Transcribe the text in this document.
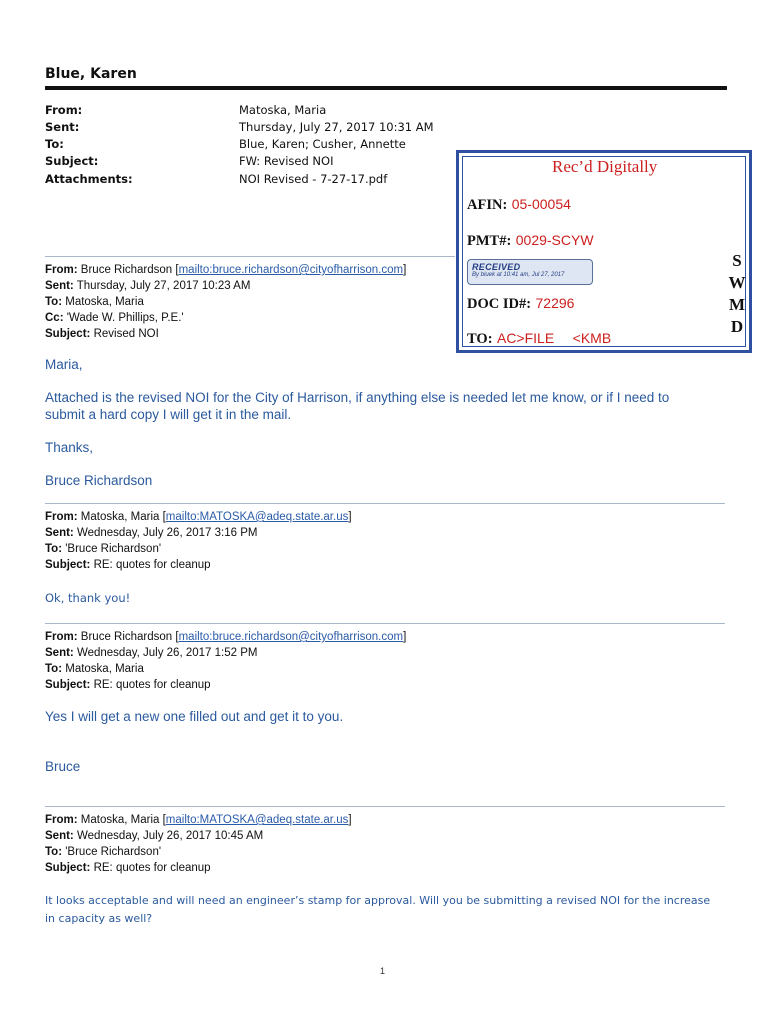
Blue, Karen
From:	Matoska, Maria
Sent:	Thursday, July 27, 2017 10:31 AM
To:	Blue, Karen; Cusher, Annette
Subject:	FW: Revised NOI
Attachments:	NOI Revised - 7-27-17.pdf
Rec’d Digitally
AFIN: 05-00054
PMT#: 0029-SCYW
RECEIVED
By bluek at 10:41 am, Jul 27, 2017
DOC ID#: 72296
TO: AC>FILE <KMB
S
W
M
D
From: Bruce Richardson [mailto:bruce.richardson@cityofharrison.com]
Sent: Thursday, July 27, 2017 10:23 AM
To: Matoska, Maria
Cc: 'Wade W. Phillips, P.E.'
Subject: Revised NOI
Maria,
Attached is the revised NOI for the City of Harrison, if anything else is needed let me know, or if I need to
submit a hard copy I will get it in the mail.
Thanks,
Bruce Richardson
From: Matoska, Maria [mailto:MATOSKA@adeq.state.ar.us]
Sent: Wednesday, July 26, 2017 3:16 PM
To: 'Bruce Richardson'
Subject: RE: quotes for cleanup
Ok, thank you!
From: Bruce Richardson [mailto:bruce.richardson@cityofharrison.com]
Sent: Wednesday, July 26, 2017 1:52 PM
To: Matoska, Maria
Subject: RE: quotes for cleanup
Yes I will get a new one filled out and get it to you.
Bruce
From: Matoska, Maria [mailto:MATOSKA@adeq.state.ar.us]
Sent: Wednesday, July 26, 2017 10:45 AM
To: 'Bruce Richardson'
Subject: RE: quotes for cleanup
It looks acceptable and will need an engineer’s stamp for approval. Will you be submitting a revised NOI for the increase
in capacity as well?
1
